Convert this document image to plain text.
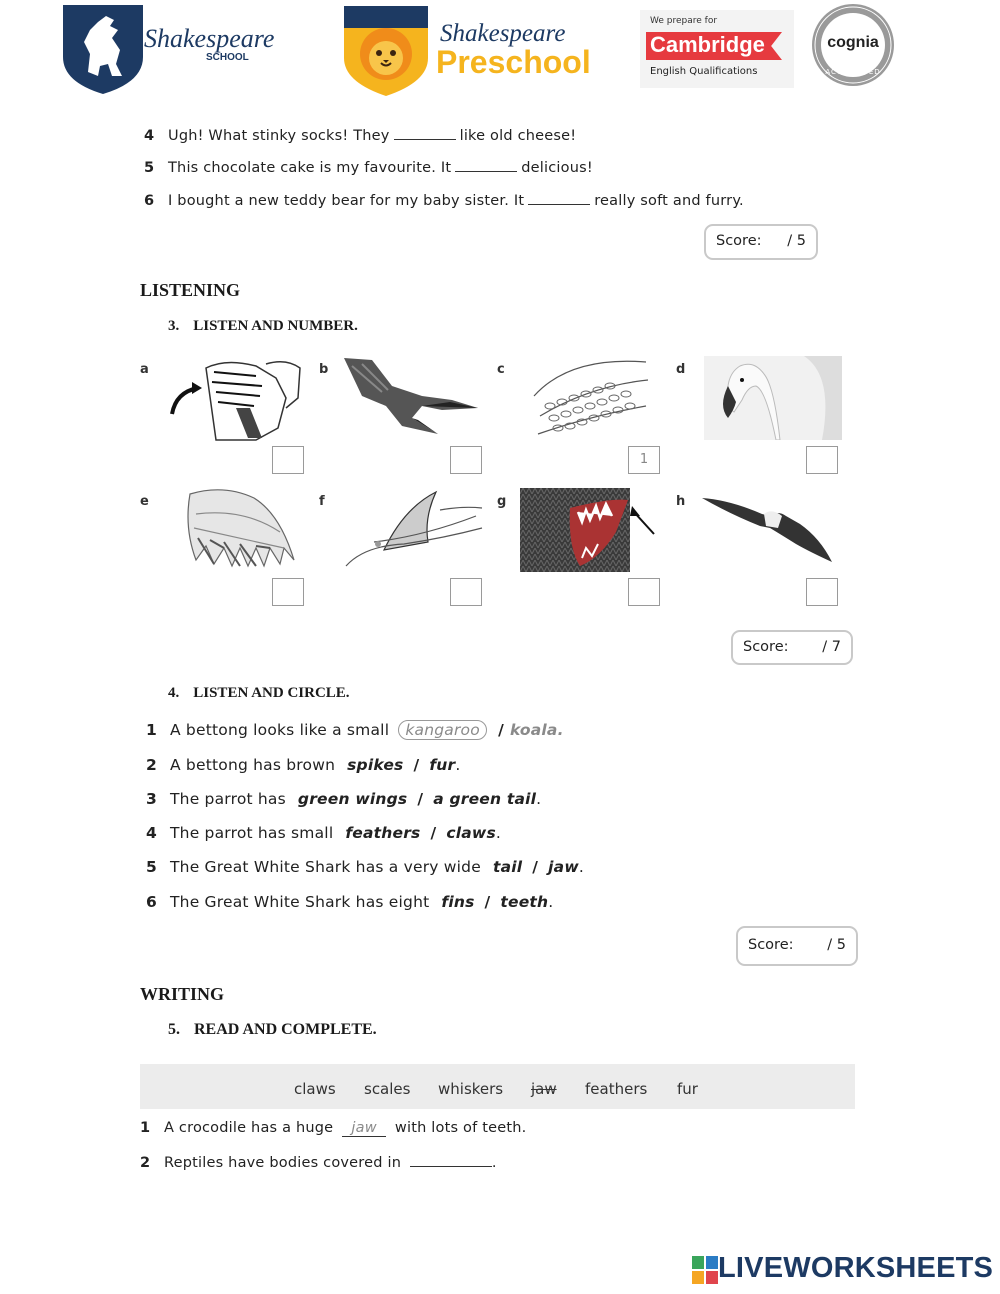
Shakespeare
SCHOOL
Shakespeare
Preschool
We prepare for
Cambridge
English Qualifications
cognia
ACCREDITED
4 Ugh! What stinky socks! They	like old cheese!
5 This chocolate cake is my favourite. It	delicious!
6 I bought a new teddy bear for my baby sister. It	really soft and furry.
Score: / 5
LISTENING
3. LISTEN AND NUMBER.
a	b	c
1
d
e	f	g	h
Score: / 7
4. LISTEN AND CIRCLE.
1 A bettong looks like a small kangaroo / koala.
2 A bettong has brown spikes / fur.
3 The parrot has green wings / a green tail.
4 The parrot has small feathers / claws.
5 The Great White Shark has a very wide tail / jaw.
6 The Great White Shark has eight fins / teeth.
Score: / 5
WRITING
5. READ AND COMPLETE.
claws scales whiskers jaw feathers fur
1 A crocodile has a huge jaw with lots of teeth.
2 Reptiles have bodies covered in	.
LIVEWORKSHEETS
